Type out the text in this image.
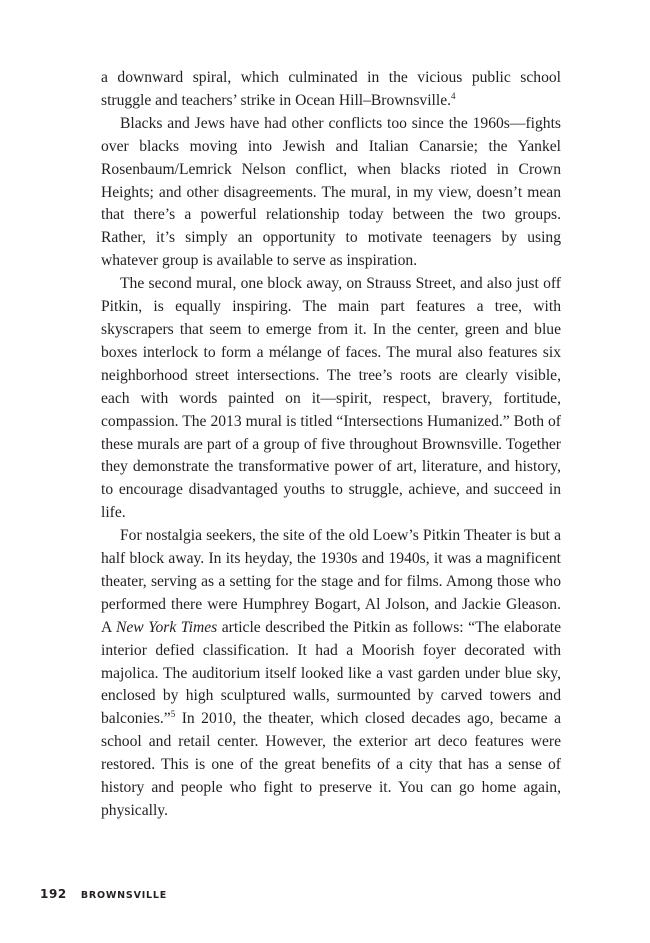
a downward spiral, which culminated in the vicious public school struggle and teachers’ strike in Ocean Hill–Brownsville.$^4$

Blacks and Jews have had other conflicts too since the 1960s—fights over blacks moving into Jewish and Italian Canarsie; the Yankel Rosenbaum/Lemrick Nelson conflict, when blacks rioted in Crown Heights; and other disagreements. The mural, in my view, doesn’t mean that there’s a powerful relationship today between the two groups. Rather, it’s simply an opportunity to motivate teenagers by using whatever group is available to serve as inspiration.

The second mural, one block away, on Strauss Street, and also just off Pitkin, is equally inspiring. The main part features a tree, with skyscrapers that seem to emerge from it. In the center, green and blue boxes interlock to form a mélange of faces. The mural also features six neighborhood street intersections. The tree’s roots are clearly visible, each with words painted on it—spirit, respect, bravery, fortitude, compassion. The 2013 mural is titled “Intersections Humanized.” Both of these murals are part of a group of five throughout Brownsville. Together they demonstrate the transformative power of art, literature, and history, to encourage disadvantaged youths to struggle, achieve, and succeed in life.

For nostalgia seekers, the site of the old Loew’s Pitkin Theater is but a half block away. In its heyday, the 1930s and 1940s, it was a magnificent theater, serving as a setting for the stage and for films. Among those who performed there were Humphrey Bogart, Al Jolson, and Jackie Gleason. A New York Times article described the Pitkin as follows: “The elaborate interior defied classification. It had a Moorish foyer decorated with majolica. The auditorium itself looked like a vast garden under blue sky, enclosed by high sculptured walls, surmounted by carved towers and balconies.”$^5$ In 2010, the theater, which closed decades ago, became a school and retail center. However, the exterior art deco features were restored. This is one of the great benefits of a city that has a sense of history and people who fight to preserve it. You can go home again, physically.

192 BROWNSVILLE
